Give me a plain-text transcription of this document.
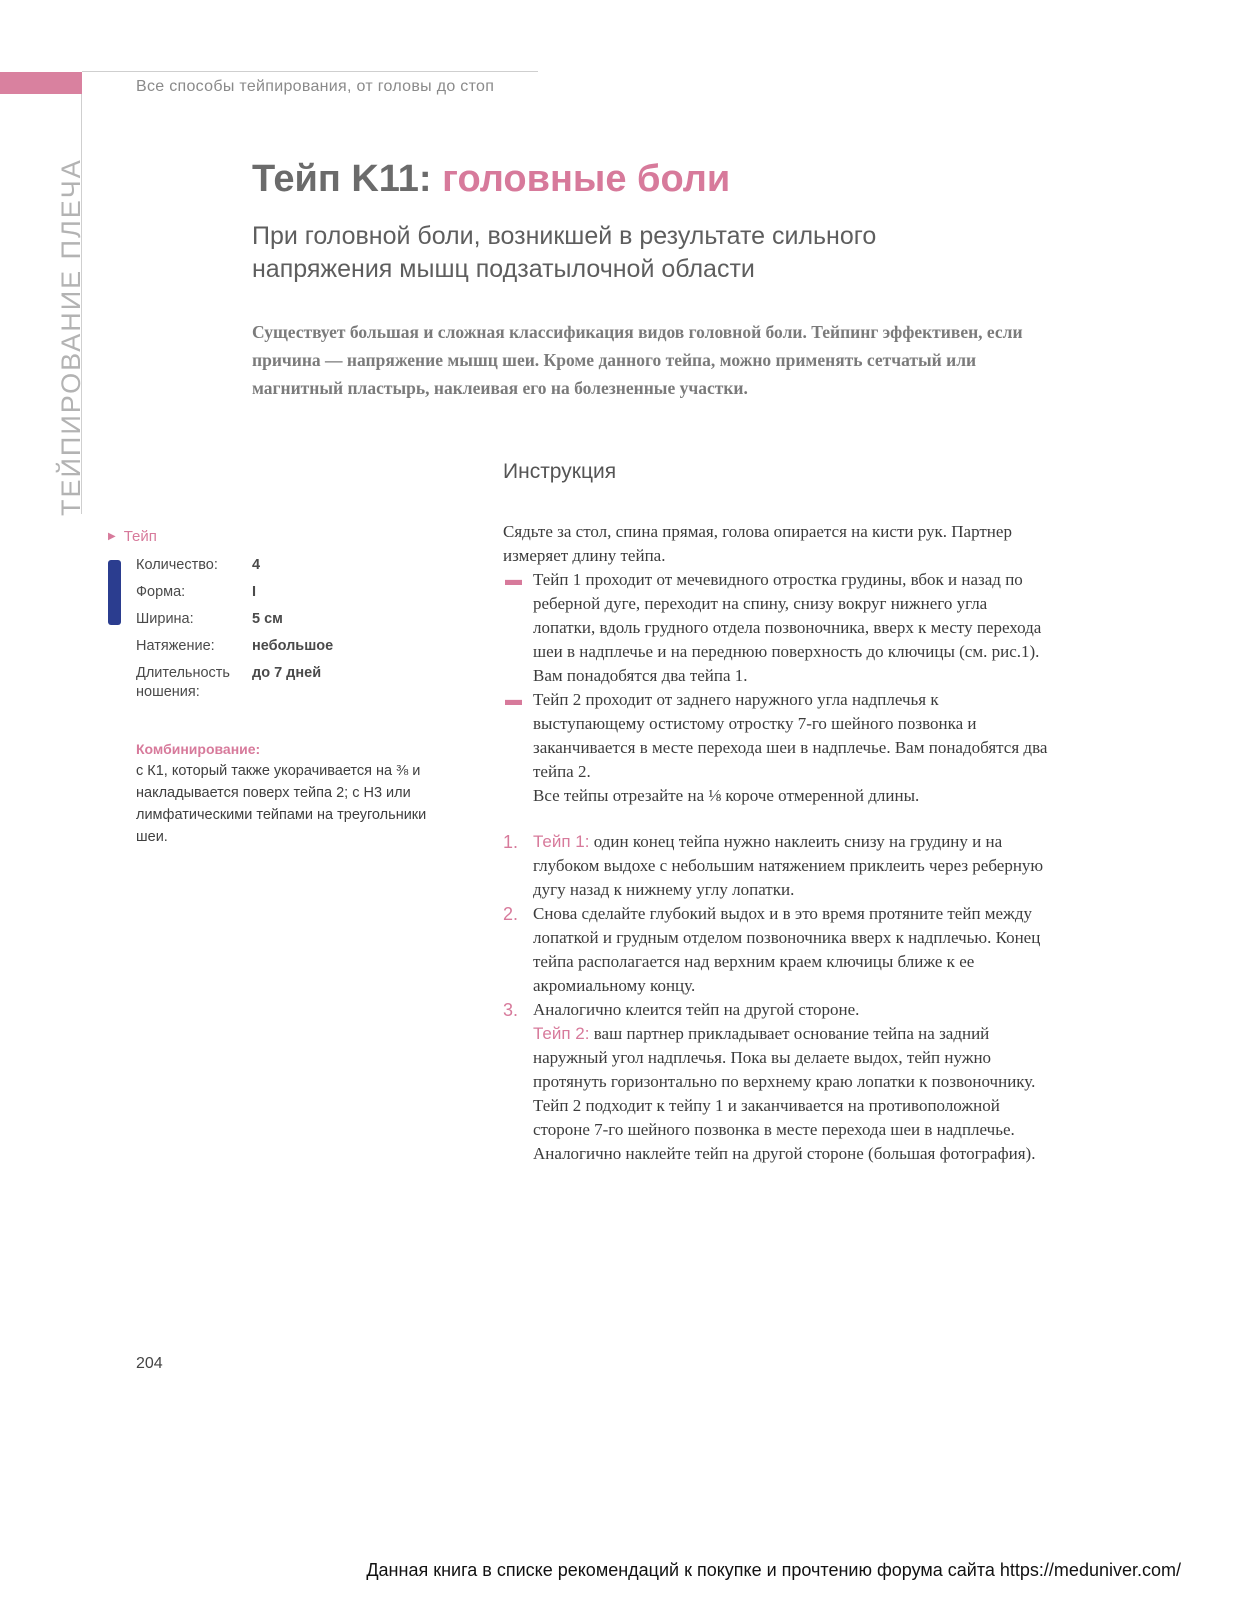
Все способы тейпирования, от головы до стоп
ТЕЙПИРОВАНИЕ ПЛЕЧА	Тейп K11: головные боли

При головной боли, возникшей в результате сильного напряжения мышц подзатылочной области

Существует большая и сложная классификация видов головной боли. Тейпинг эффективен, если причина — напряжение мышц шеи. Кроме данного тейпа, можно применять сетчатый или магнитный пластырь, наклеивая его на болезненные участки.

▶ Тейп
Количество:	4
Форма:	I
Ширина:	5 см
Натяжение:	небольшое
Длительность ношения:
до 7 дней
Комбинирование:
с К1, который также укорачивается на ⅜ и накладывается поверх тейпа 2; с Н3 или лимфатическими тейпами на треугольники шеи.
Инструкция

Сядьте за стол, спина прямая, голова опирается на кисти рук. Партнер измеряет длину тейпа.

▬ Тейп 1 проходит от мечевидного отростка грудины, вбок и назад по реберной дуге, переходит на спину, снизу вокруг нижнего угла лопатки, вдоль грудного отдела позвоночника, вверх к месту перехода шеи в надплечье и на переднюю поверхность до ключицы (см. рис.1). Вам понадобятся два тейпа 1.
▬ Тейп 2 проходит от заднего наружного угла надплечья к выступающему остистому отростку 7-го шейного позвонка и заканчивается в месте перехода шеи в надплечье. Вам понадобятся два тейпа 2.

Все тейпы отрезайте на ⅛ короче отмеренной длины.

1. Тейп 1: один конец тейпа нужно наклеить снизу на грудину и на глубоком выдохе с небольшим натяжением приклеить через реберную дугу назад к нижнему углу лопатки.
2. Снова сделайте глубокий выдох и в это время протяните тейп между лопаткой и грудным отделом позвоночника вверх к надплечью. Конец тейпа располагается над верхним краем ключицы ближе к ее акромиальному концу.
3. Аналогично клеится тейп на другой стороне.
Тейп 2: ваш партнер прикладывает основание тейпа на задний наружный угол надплечья. Пока вы делаете выдох, тейп нужно протянуть горизонтально по верхнему краю лопатки к позвоночнику. Тейп 2 подходит к тейпу 1 и заканчивается на противоположной стороне 7-го шейного позвонка в месте перехода шеи в надплечье. Аналогично наклейте тейп на другой стороне (большая фотография).
204
Данная книга в списке рекомендаций к покупке и прочтению форума сайта https://meduniver.com/
